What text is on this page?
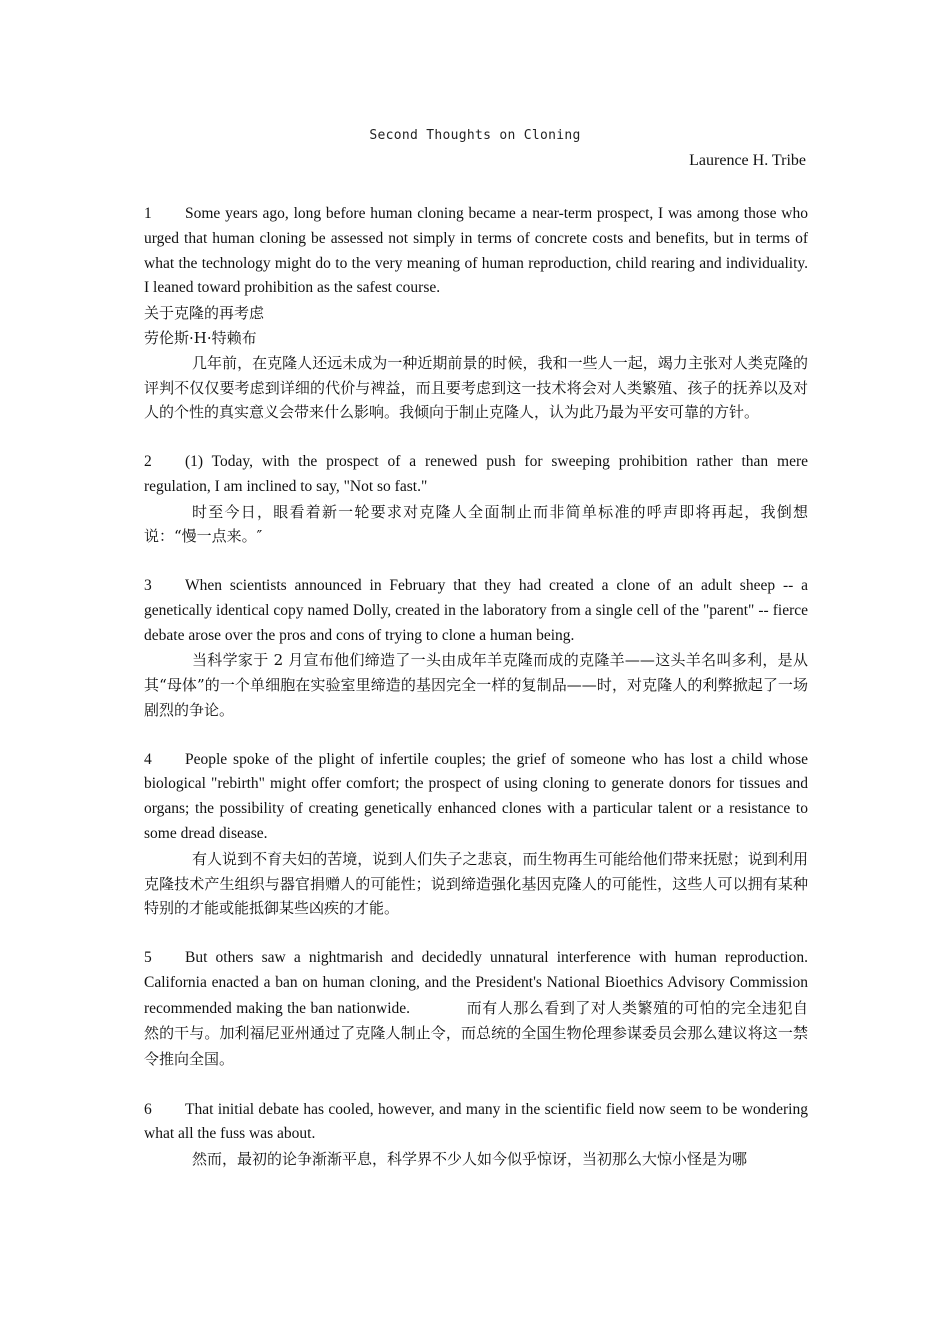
Second Thoughts on Cloning
Laurence H. Tribe

1 Some years ago, long before human cloning became a near-term prospect, I was among those who urged that human cloning be assessed not simply in terms of concrete costs and benefits, but in terms of what the technology might do to the very meaning of human reproduction, child rearing and individuality. I leaned toward prohibition as the safest course.

关于克隆的再考虑

劳伦斯·H·特赖布

几年前，在克隆人还远未成为一种近期前景的时候，我和一些人一起，竭力主张对人类克隆的评判不仅仅要考虑到详细的代价与裨益，而且要考虑到这一技术将会对人类繁殖、孩子的抚养以及对人的个性的真实意义会带来什么影响。我倾向于制止克隆人，认为此乃最为平安可靠的方针。

2 (1) Today, with the prospect of a renewed push for sweeping prohibition rather than mere regulation, I am inclined to say, "Not so fast."

时至今日，眼看着新一轮要求对克隆人全面制止而非简单标准的呼声即将再起，我倒想说：“慢一点来。″

3 When scientists announced in February that they had created a clone of an adult sheep -- a genetically identical copy named Dolly, created in the laboratory from a single cell of the "parent" -- fierce debate arose over the pros and cons of trying to clone a human being.

当科学家于 2 月宣布他们缔造了一头由成年羊克隆而成的克隆羊——这头羊名叫多利，是从其“母体”的一个单细胞在实验室里缔造的基因完全一样的复制品——时，对克隆人的利弊掀起了一场剧烈的争论。

4 People spoke of the plight of infertile couples; the grief of someone who has lost a child whose biological "rebirth" might offer comfort; the prospect of using cloning to generate donors for tissues and organs; the possibility of creating genetically enhanced clones with a particular talent or a resistance to some dread disease.

有人说到不育夫妇的苦境，说到人们失子之悲哀，而生物再生可能给他们带来抚慰；说到利用克隆技术产生组织与器官捐赠人的可能性；说到缔造强化基因克隆人的可能性，这些人可以拥有某种特别的才能或能抵御某些凶疾的才能。

5 But others saw a nightmarish and decidedly unnatural interference with human reproduction. California enacted a ban on human cloning, and the President's National Bioethics Advisory Commission recommended making the ban nationwide.	而有人那么看到了对人类繁殖的可怕的完全违犯自然的干与。加利福尼亚州通过了克隆人制止令，而总统的全国生物伦理参谋委员会那么建议将这一禁令推向全国。

6 That initial debate has cooled, however, and many in the scientific field now seem to be wondering what all the fuss was about.

然而，最初的论争渐渐平息，科学界不少人如今似乎惊讶，当初那么大惊小怪是为哪
